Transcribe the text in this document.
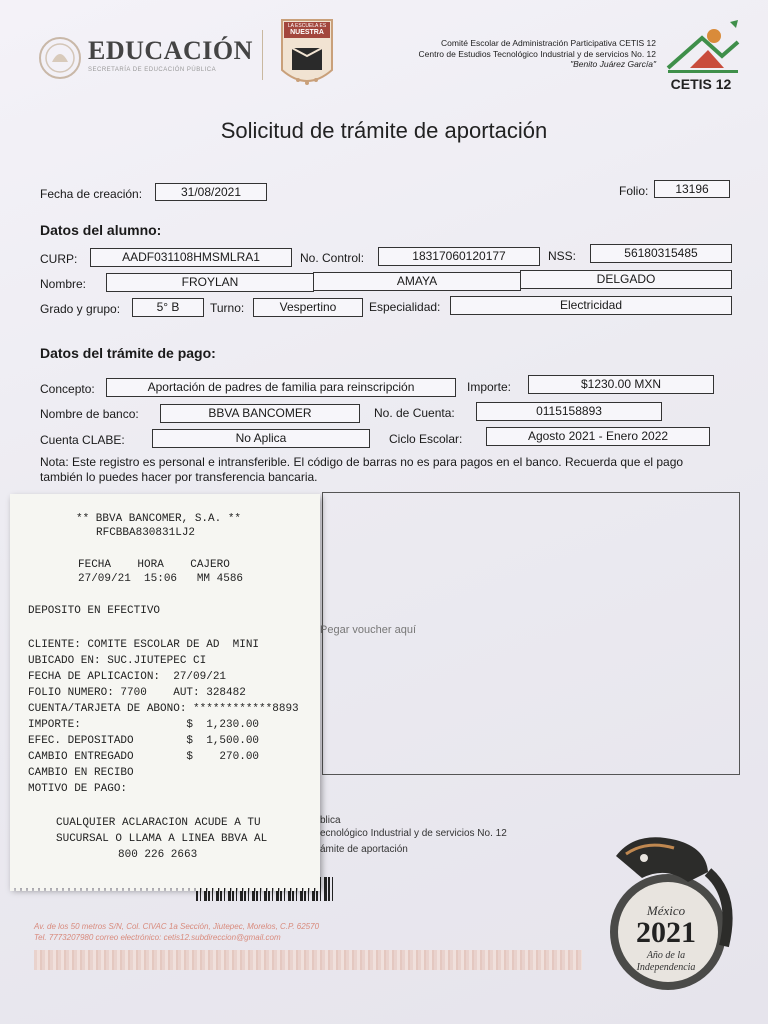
EDUCACIÓN
SECRETARÍA DE EDUCACIÓN PÚBLICA
LA ESCUELA ES
NUESTRA
Comité Escolar de Administración Participativa CETIS 12
Centro de Estudios Tecnológico Industrial y de servicios No. 12
"Benito Juárez García"
CETIS 12
Solicitud de trámite de aportación
Fecha de creación:	31/08/2021	Folio:	13196
Datos del alumno:
CURP:	AADF031108HMSMLRA1	No. Control:	18317060120177	NSS:	56180315485
Nombre:	FROYLAN	AMAYA	DELGADO
Grado y grupo:	5° B	Turno:	Vespertino	Especialidad:	Electricidad
Datos del trámite de pago:
Concepto:	Aportación de padres de familia para reinscripción	Importe:	$1230.00 MXN
Nombre de banco:	BBVA BANCOMER	No. de Cuenta:	0115158893
Cuenta CLABE:	No Aplica	Ciclo Escolar:	Agosto 2021 - Enero 2022
Nota: Este registro es personal e intransferible. El código de barras no es para pagos en el banco. Recuerda que el pago también lo puedes hacer por transferencia bancaria.
Pegar voucher aquí
blica
ecnológico Industrial y de servicios No. 12
ámite de aportación
Av. de los 50 metros S/N, Col. CIVAC 1a Sección, Jiutepec, Morelos, C.P. 62570
Tel. 7773207980 correo electrónico: cetis12.subdireccion@gmail.com
México
2021
Año de la
Independencia
** BBVA BANCOMER, S.A. **
RFCBBA830831LJ2
FECHA    HORA    CAJERO
27/09/21  15:06   MM 4586
DEPOSITO EN EFECTIVO
CLIENTE: COMITE ESCOLAR DE AD  MINI
UBICADO EN: SUC.JIUTEPEC CI
FECHA DE APLICACION:  27/09/21
FOLIO NUMERO: 7700    AUT: 328482
CUENTA/TARJETA DE ABONO: ************8893
IMPORTE:                $  1,230.00
EFEC. DEPOSITADO        $  1,500.00
CAMBIO ENTREGADO        $    270.00
CAMBIO EN RECIBO
MOTIVO DE PAGO:
CUALQUIER ACLARACION ACUDE A TU
SUCURSAL O LLAMA A LINEA BBVA AL
800 226 2663
